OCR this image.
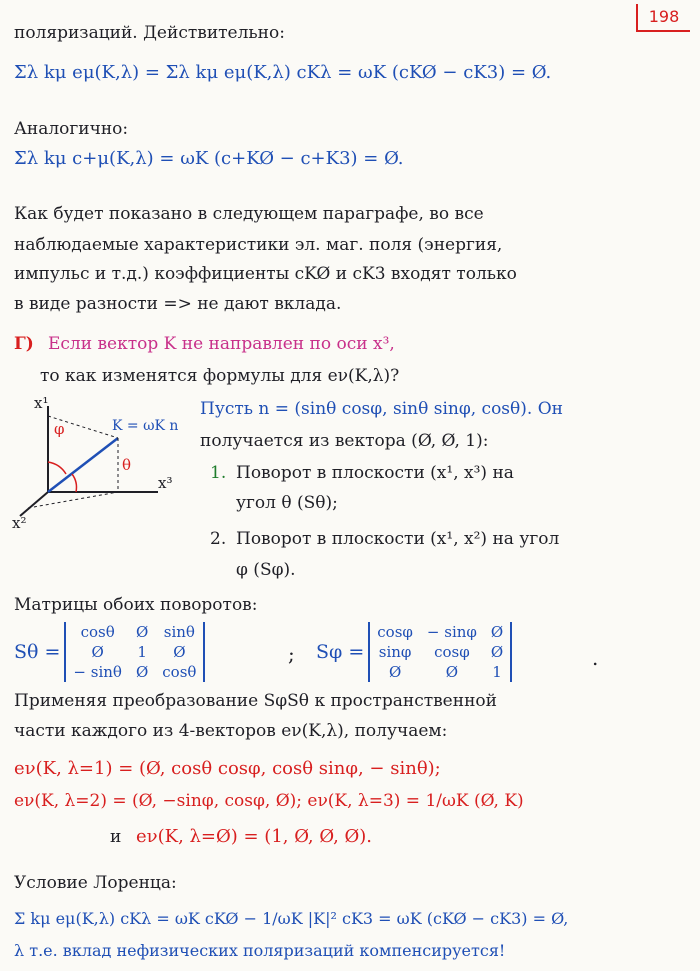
198
поляризаций. Действительно:
Σλ kμ eμ(K,λ) = Σλ kμ eμ(K,λ) cKλ = ωK (cKØ − cK3) = Ø.
Аналогично:
Σλ kμ c+μ(K,λ) = ωK (c+KØ − c+K3) = Ø.
Как будет показано в следующем параграфе, во все
наблюдаемые характеристики эл. маг. поля (энергия,
импульс и т.д.) коэффициенты cKØ и cK3 входят только
в виде разности => не дают вклада.
Г) Если вектор K не направлен по оси x³,
то как изменятся формулы для eν(K,λ)?
x¹
x³
x²
φ
θ
K = ωK n
Пусть n = (sinθ cosφ, sinθ sinφ, cosθ). Он
получается из вектора (Ø, Ø, 1):
1. Поворот в плоскости (x¹, x³) на
угол θ (Sθ);
2. Поворот в плоскости (x¹, x²) на угол
φ (Sφ).
Матрицы обоих поворотов:
Sθ =
cosθ	Ø	sinθ
Ø	1	Ø
− sinθ	Ø	cosθ
; Sφ =
cosφ	− sinφ	Ø
sinφ	cosφ	Ø
Ø	Ø	1
.
Применяя преобразование SφSθ к пространственной
части каждого из 4-векторов eν(K,λ), получаем:
eν(K, λ=1) = (Ø, cosθ cosφ, cosθ sinφ, − sinθ);
eν(K, λ=2) = (Ø, −sinφ, cosφ, Ø); eν(K, λ=3) = 1/ωK (Ø, K)
и eν(K, λ=Ø) = (1, Ø, Ø, Ø).
Условие Лоренца:
Σ kμ eμ(K,λ) cKλ = ωK cKØ − 1/ωK |K|² cK3 = ωK (cKØ − cK3) = Ø,
λ т.е. вклад нефизических поляризаций компенсируется!
